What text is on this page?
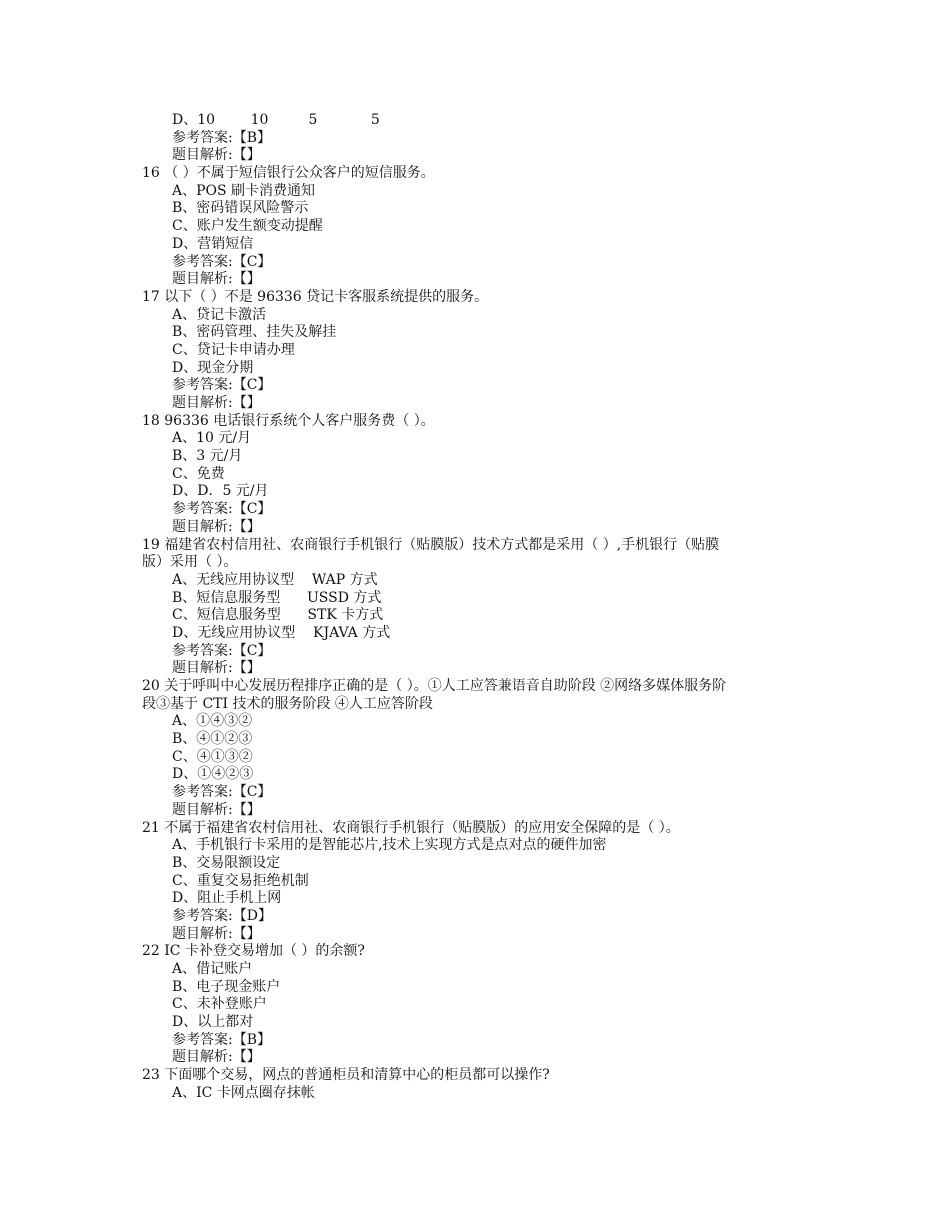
D、10        10         5            5
参考答案:【B】
题目解析:【】
16 （ ）不属于短信银行公众客户的短信服务。
A、POS 刷卡消费通知
B、密码错误风险警示
C、账户发生额变动提醒
D、营销短信
参考答案:【C】
题目解析:【】
17 以下（ ）不是 96336 贷记卡客服系统提供的服务。
A、贷记卡激活
B、密码管理、挂失及解挂
C、贷记卡申请办理
D、现金分期
参考答案:【C】
题目解析:【】
18 96336 电话银行系统个人客户服务费（ ）。
A、10 元/月
B、3 元/月
C、免费
D、D．5 元/月
参考答案:【C】
题目解析:【】
19 福建省农村信用社、农商银行手机银行（贴膜版）技术方式都是采用（ ）,手机银行（贴膜
版）采用（ ）。
A、无线应用协议型    WAP 方式
B、短信息服务型      USSD 方式
C、短信息服务型      STK 卡方式
D、无线应用协议型    KJAVA 方式
参考答案:【C】
题目解析:【】
20 关于呼叫中心发展历程排序正确的是（ ）。①人工应答兼语音自助阶段 ②网络多媒体服务阶
段③基于 CTI 技术的服务阶段 ④人工应答阶段
A、①④③②
B、④①②③
C、④①③②
D、①④②③
参考答案:【C】
题目解析:【】
21 不属于福建省农村信用社、农商银行手机银行（贴膜版）的应用安全保障的是（ ）。
A、手机银行卡采用的是智能芯片,技术上实现方式是点对点的硬件加密
B、交易限额设定
C、重复交易拒绝机制
D、阻止手机上网
参考答案:【D】
题目解析:【】
22 IC 卡补登交易增加（ ）的余额?
A、借记账户
B、电子现金账户
C、未补登账户
D、以上都对
参考答案:【B】
题目解析:【】
23 下面哪个交易，网点的普通柜员和清算中心的柜员都可以操作?
A、IC 卡网点圈存抹帐
